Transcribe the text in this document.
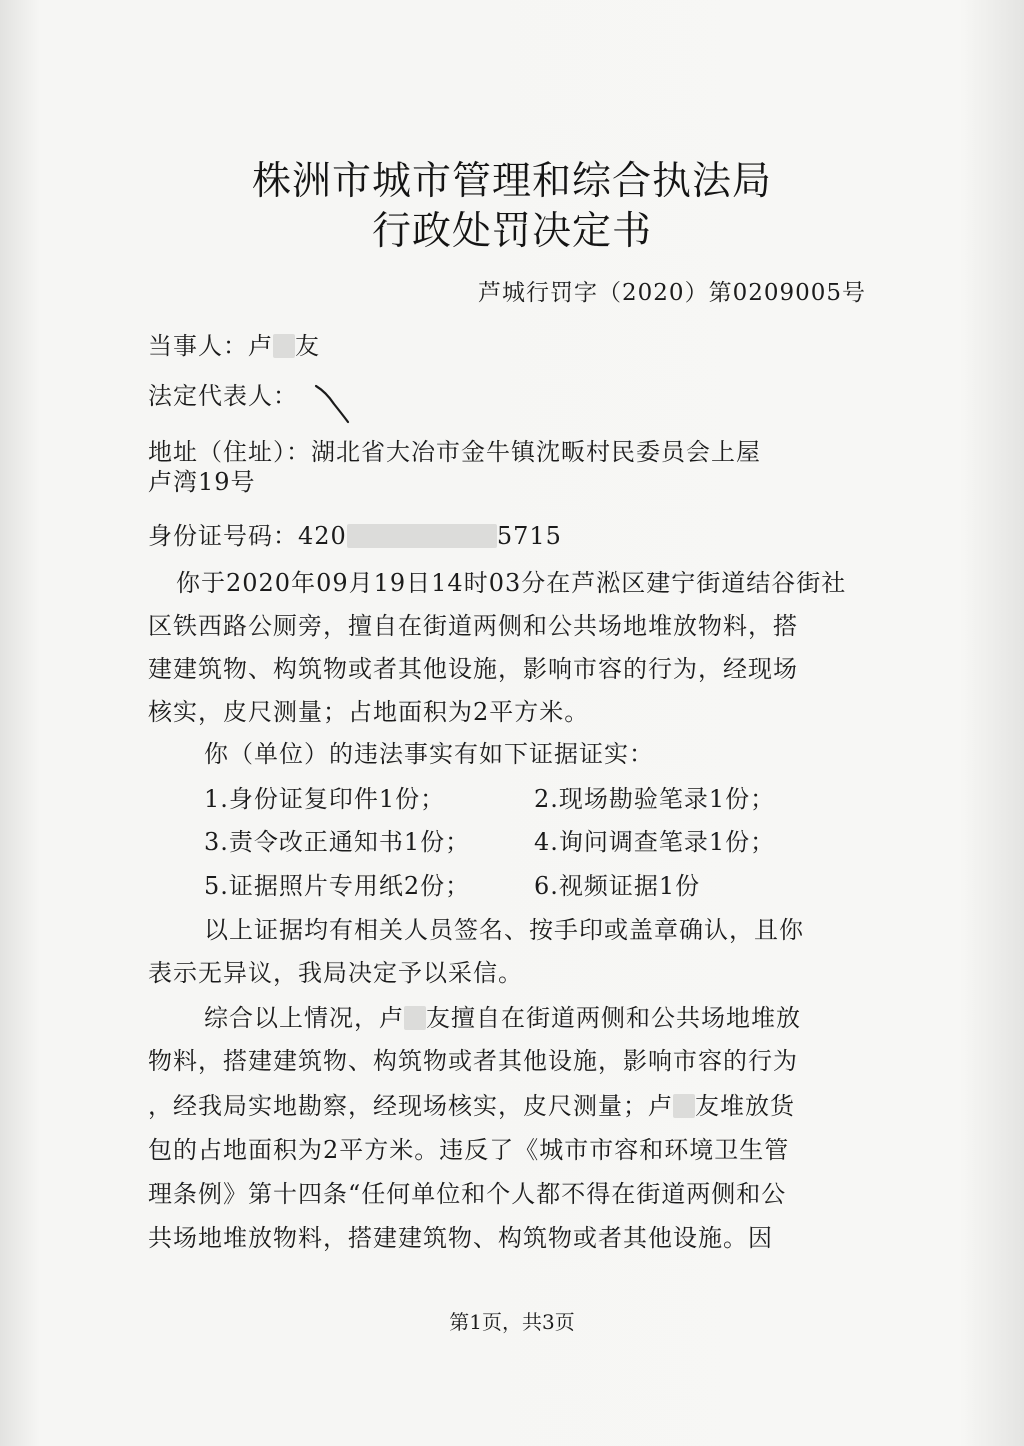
株洲市城市管理和综合执法局
行政处罚决定书
芦城行罚字（2020）第0209005号
当事人：卢 友
法定代表人：
地址（住址）：湖北省大冶市金牛镇沈畈村民委员会上屋
卢湾19号
身份证号码：420	5715
你于2020年09月19日14时03分在芦淞区建宁街道结谷街社
区铁西路公厕旁，擅自在街道两侧和公共场地堆放物料，搭
建建筑物、构筑物或者其他设施，影响市容的行为，经现场
核实，皮尺测量；占地面积为2平方米。
你（单位）的违法事实有如下证据证实：
1.身份证复印件1份；	2.现场勘验笔录1份；
3.责令改正通知书1份；	4.询问调查笔录1份；
5.证据照片专用纸2份；	6.视频证据1份
以上证据均有相关人员签名、按手印或盖章确认，且你
表示无异议，我局决定予以采信。
综合以上情况，卢 友擅自在街道两侧和公共场地堆放
物料，搭建建筑物、构筑物或者其他设施，影响市容的行为
，经我局实地勘察，经现场核实，皮尺测量；卢 友堆放货
包的占地面积为2平方米。违反了《城市市容和环境卫生管
理条例》第十四条“任何单位和个人都不得在街道两侧和公
共场地堆放物料，搭建建筑物、构筑物或者其他设施。因
第1页，共3页
